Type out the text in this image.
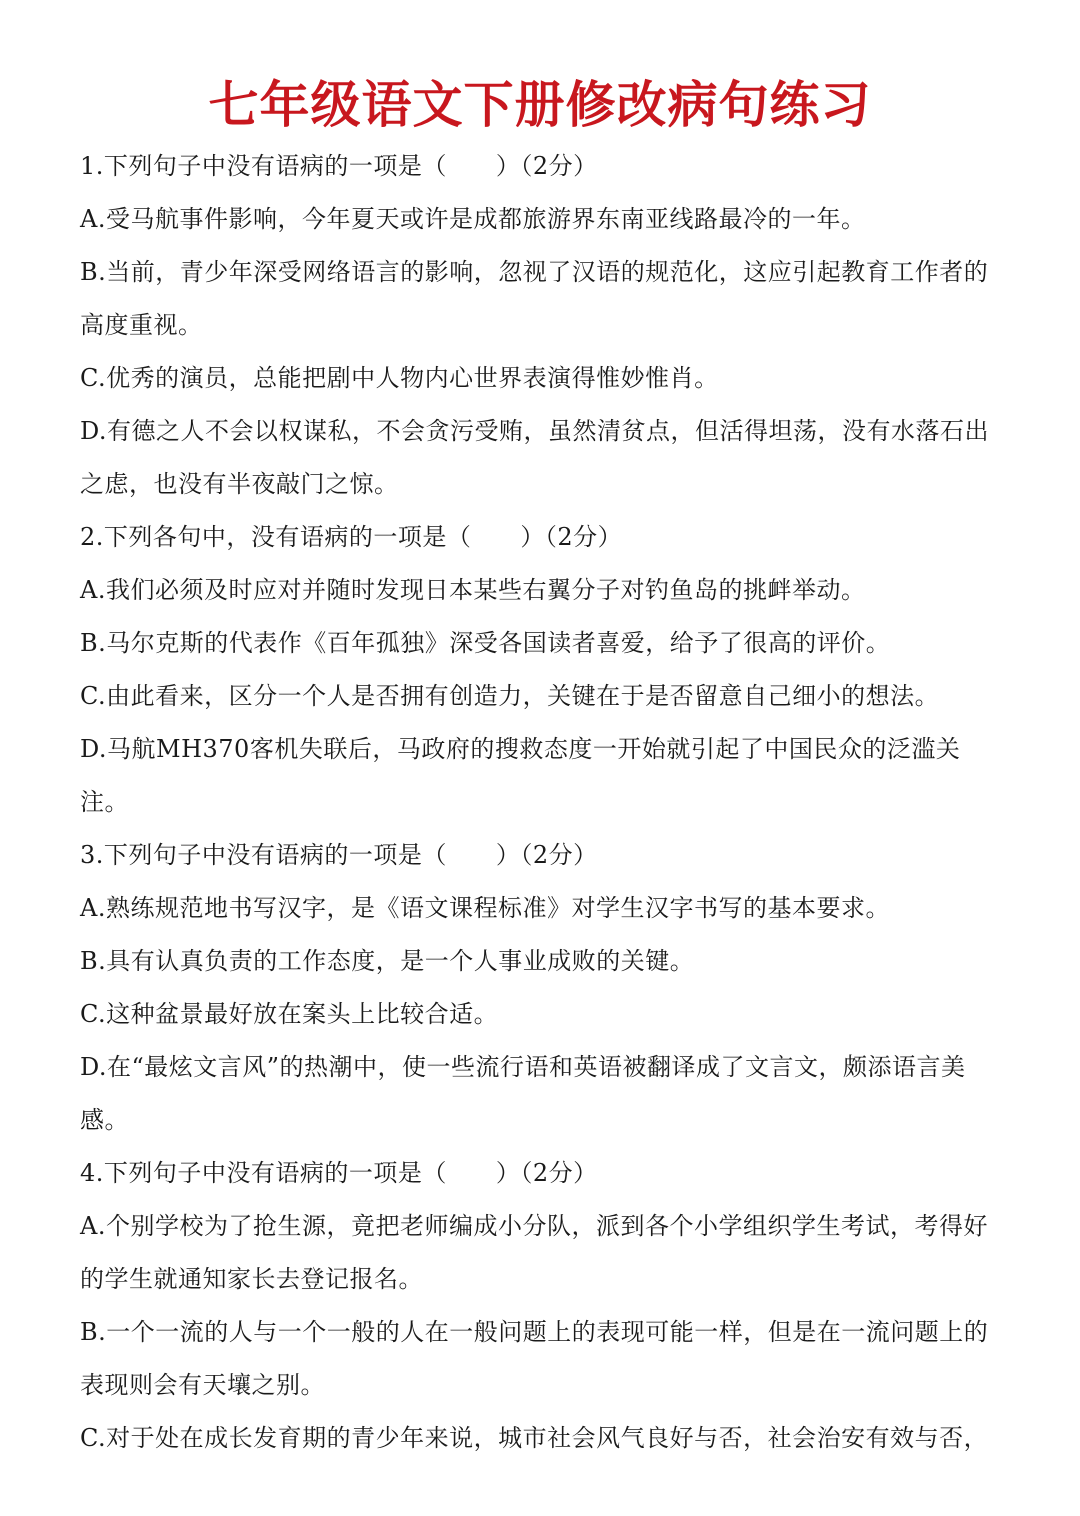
七年级语文下册修改病句练习

1.下列句子中没有语病的一项是（　　）（2分）

A.受马航事件影响，今年夏天或许是成都旅游界东南亚线路最冷的一年。

B.当前，青少年深受网络语言的影响，忽视了汉语的规范化，这应引起教育工作者的高度重视。

C.优秀的演员，总能把剧中人物内心世界表演得惟妙惟肖。

D.有德之人不会以权谋私，不会贪污受贿，虽然清贫点，但活得坦荡，没有水落石出之虑，也没有半夜敲门之惊。

2.下列各句中，没有语病的一项是（　　）（2分）

A.我们必须及时应对并随时发现日本某些右翼分子对钓鱼岛的挑衅举动。

B.马尔克斯的代表作《百年孤独》深受各国读者喜爱，给予了很高的评价。

C.由此看来，区分一个人是否拥有创造力，关键在于是否留意自己细小的想法。

D.马航MH370客机失联后，马政府的搜救态度一开始就引起了中国民众的泛滥关注。

3.下列句子中没有语病的一项是（　　）（2分）

A.熟练规范地书写汉字，是《语文课程标准》对学生汉字书写的基本要求。

B.具有认真负责的工作态度，是一个人事业成败的关键。

C.这种盆景最好放在案头上比较合适。

D.在“最炫文言风”的热潮中，使一些流行语和英语被翻译成了文言文，颇添语言美感。

4.下列句子中没有语病的一项是（　　）（2分）

A.个别学校为了抢生源，竟把老师编成小分队，派到各个小学组织学生考试，考得好的学生就通知家长去登记报名。

B.一个一流的人与一个一般的人在一般问题上的表现可能一样，但是在一流问题上的表现则会有天壤之别。

C.对于处在成长发育期的青少年来说，城市社会风气良好与否，社会治安有效与否，
